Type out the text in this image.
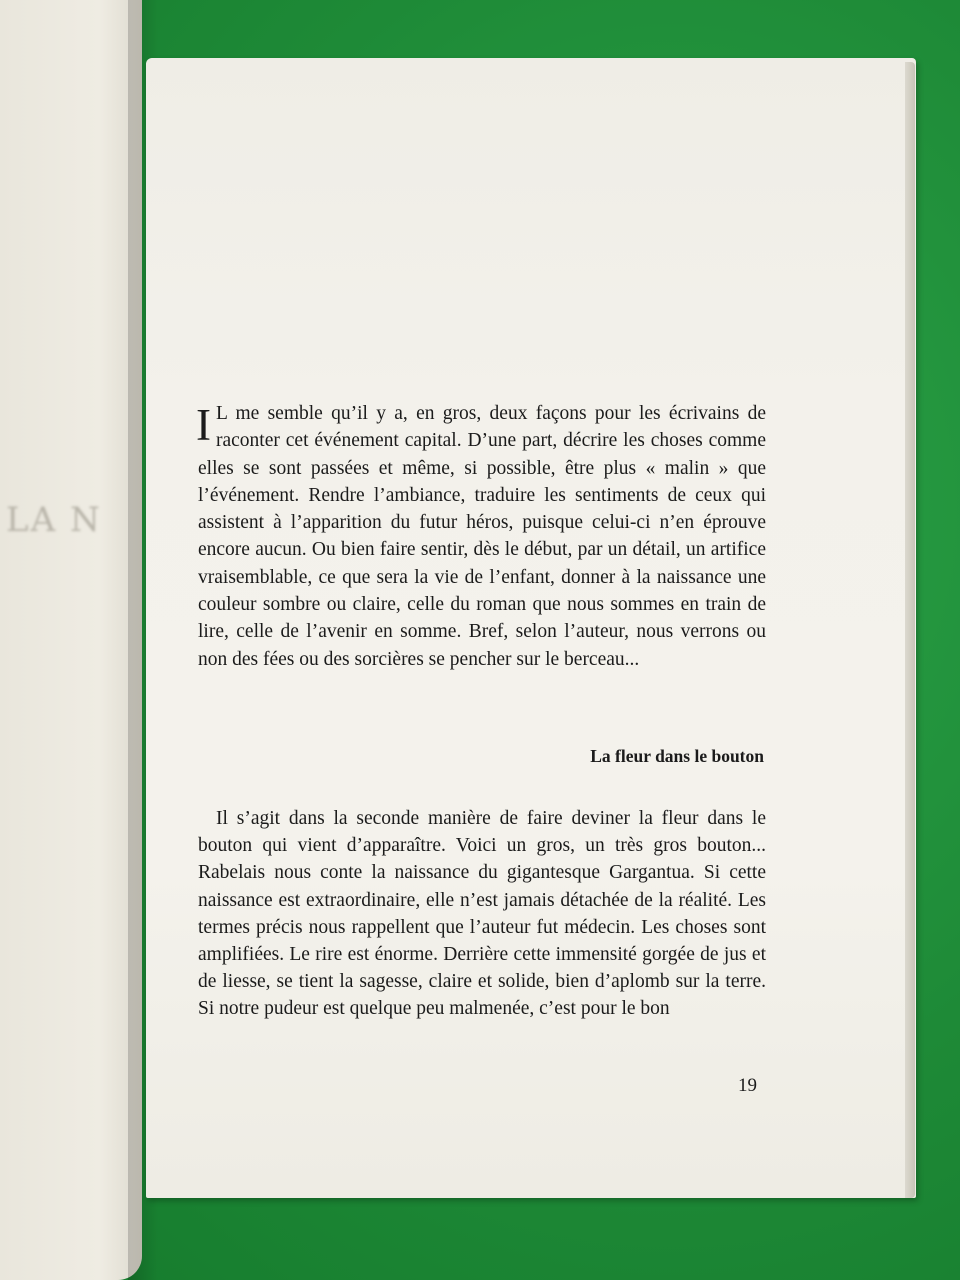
LA N

I L me semble qu’il y a, en gros, deux façons pour les écrivains de raconter cet événement capital. D’une part, décrire les choses comme elles se sont passées et même, si possible, être plus « malin » que l’événement. Rendre l’ambiance, traduire les sentiments de ceux qui assistent à l’apparition du futur héros, puisque celui-ci n’en éprouve encore aucun. Ou bien faire sentir, dès le début, par un détail, un artifice vraisemblable, ce que sera la vie de l’enfant, donner à la naissance une couleur sombre ou claire, celle du roman que nous sommes en train de lire, celle de l’avenir en somme. Bref, selon l’auteur, nous verrons ou non des fées ou des sorcières se pencher sur le berceau...

La fleur dans le bouton

Il s’agit dans la seconde manière de faire deviner la fleur dans le bouton qui vient d’apparaître. Voici un gros, un très gros bouton... Rabelais nous conte la naissance du gigantesque Gargantua. Si cette naissance est extraordinaire, elle n’est jamais détachée de la réalité. Les termes précis nous rappellent que l’auteur fut médecin. Les choses sont amplifiées. Le rire est énorme. Derrière cette immensité gorgée de jus et de liesse, se tient la sagesse, claire et solide, bien d’aplomb sur la terre. Si notre pudeur est quelque peu malmenée, c’est pour le bon

19
